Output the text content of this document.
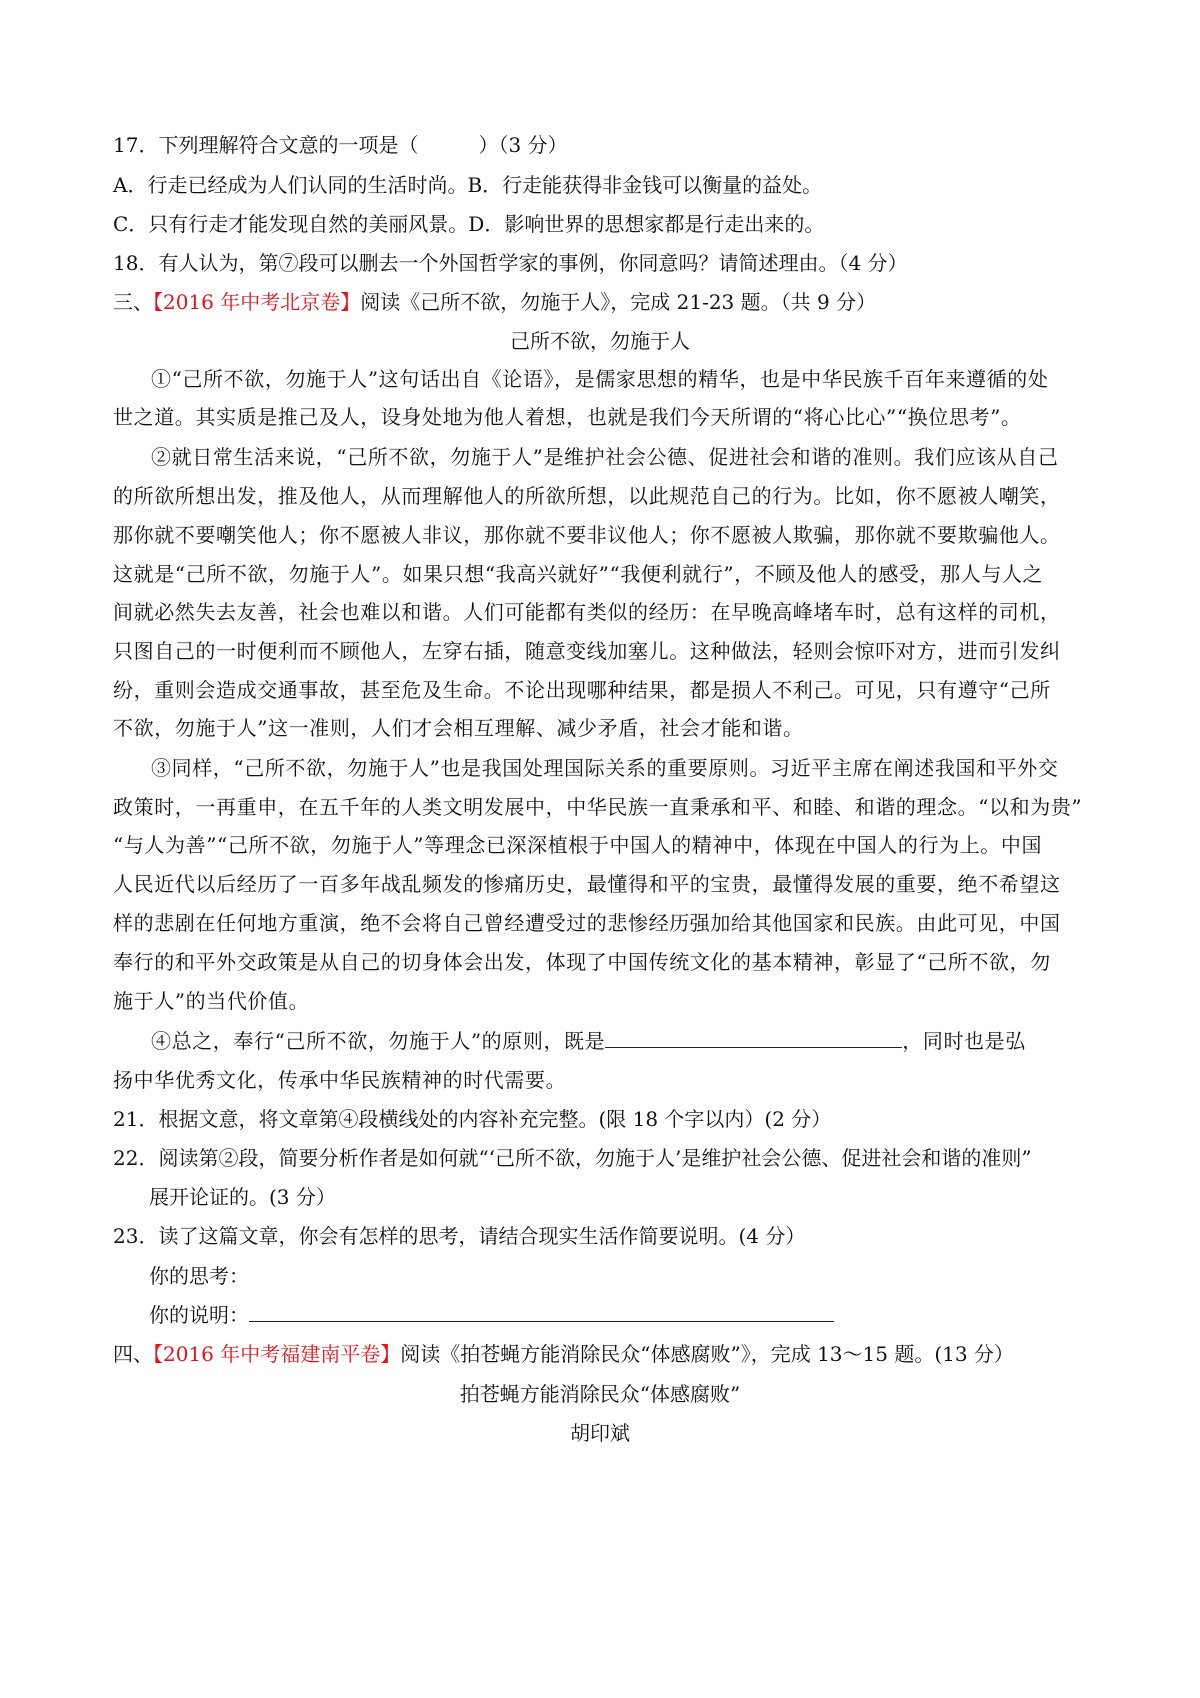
17．下列理解符合文意的一项是（　　　）（3 分）
A．行走已经成为人们认同的生活时尚。B．行走能获得非金钱可以衡量的益处。
C．只有行走才能发现自然的美丽风景。D．影响世界的思想家都是行走出来的。
18．有人认为，第⑦段可以删去一个外国哲学家的事例，你同意吗？请简述理由。（4 分）
三、【2016 年中考北京卷】阅读《己所不欲，勿施于人》，完成 21-23 题。（共 9 分）
己所不欲，勿施于人
①“己所不欲，勿施于人”这句话出自《论语》，是儒家思想的精华，也是中华民族千百年来遵循的处
世之道。其实质是推己及人，设身处地为他人着想，也就是我们今天所谓的“将心比心”“换位思考”。
②就日常生活来说，“己所不欲，勿施于人”是维护社会公德、促进社会和谐的准则。我们应该从自己
的所欲所想出发，推及他人，从而理解他人的所欲所想，以此规范自己的行为。比如，你不愿被人嘲笑，
那你就不要嘲笑他人；你不愿被人非议，那你就不要非议他人；你不愿被人欺骗，那你就不要欺骗他人。
这就是“己所不欲，勿施于人”。如果只想“我高兴就好”“我便利就行”，不顾及他人的感受，那人与人之
间就必然失去友善，社会也难以和谐。人们可能都有类似的经历：在早晚高峰堵车时，总有这样的司机，
只图自己的一时便利而不顾他人，左穿右插，随意变线加塞儿。这种做法，轻则会惊吓对方，进而引发纠
纷，重则会造成交通事故，甚至危及生命。不论出现哪种结果，都是损人不利己。可见，只有遵守“己所
不欲，勿施于人”这一准则，人们才会相互理解、减少矛盾，社会才能和谐。
③同样，“己所不欲，勿施于人”也是我国处理国际关系的重要原则。习近平主席在阐述我国和平外交
政策时，一再重申，在五千年的人类文明发展中，中华民族一直秉承和平、和睦、和谐的理念。“以和为贵”
“与人为善”“己所不欲，勿施于人”等理念已深深植根于中国人的精神中，体现在中国人的行为上。中国
人民近代以后经历了一百多年战乱频发的惨痛历史，最懂得和平的宝贵，最懂得发展的重要，绝不希望这
样的悲剧在任何地方重演，绝不会将自己曾经遭受过的悲惨经历强加给其他国家和民族。由此可见，中国
奉行的和平外交政策是从自己的切身体会出发，体现了中国传统文化的基本精神，彰显了“己所不欲，勿
施于人”的当代价值。
④总之，奉行“己所不欲，勿施于人”的原则，既是	，同时也是弘
扬中华优秀文化，传承中华民族精神的时代需要。
21．根据文意，将文章第④段横线处的内容补充完整。(限 18 个字以内）(2 分）
22．阅读第②段，简要分析作者是如何就“‘己所不欲，勿施于人’是维护社会公德、促进社会和谐的准则”
展开论证的。(3 分）
23．读了这篇文章，你会有怎样的思考，请结合现实生活作简要说明。(4 分）
你的思考：
你的说明：
四、【2016 年中考福建南平卷】阅读《拍苍蝇方能消除民众“体感腐败”》，完成 13～15 题。(13 分）
拍苍蝇方能消除民众“体感腐败”
胡印斌
